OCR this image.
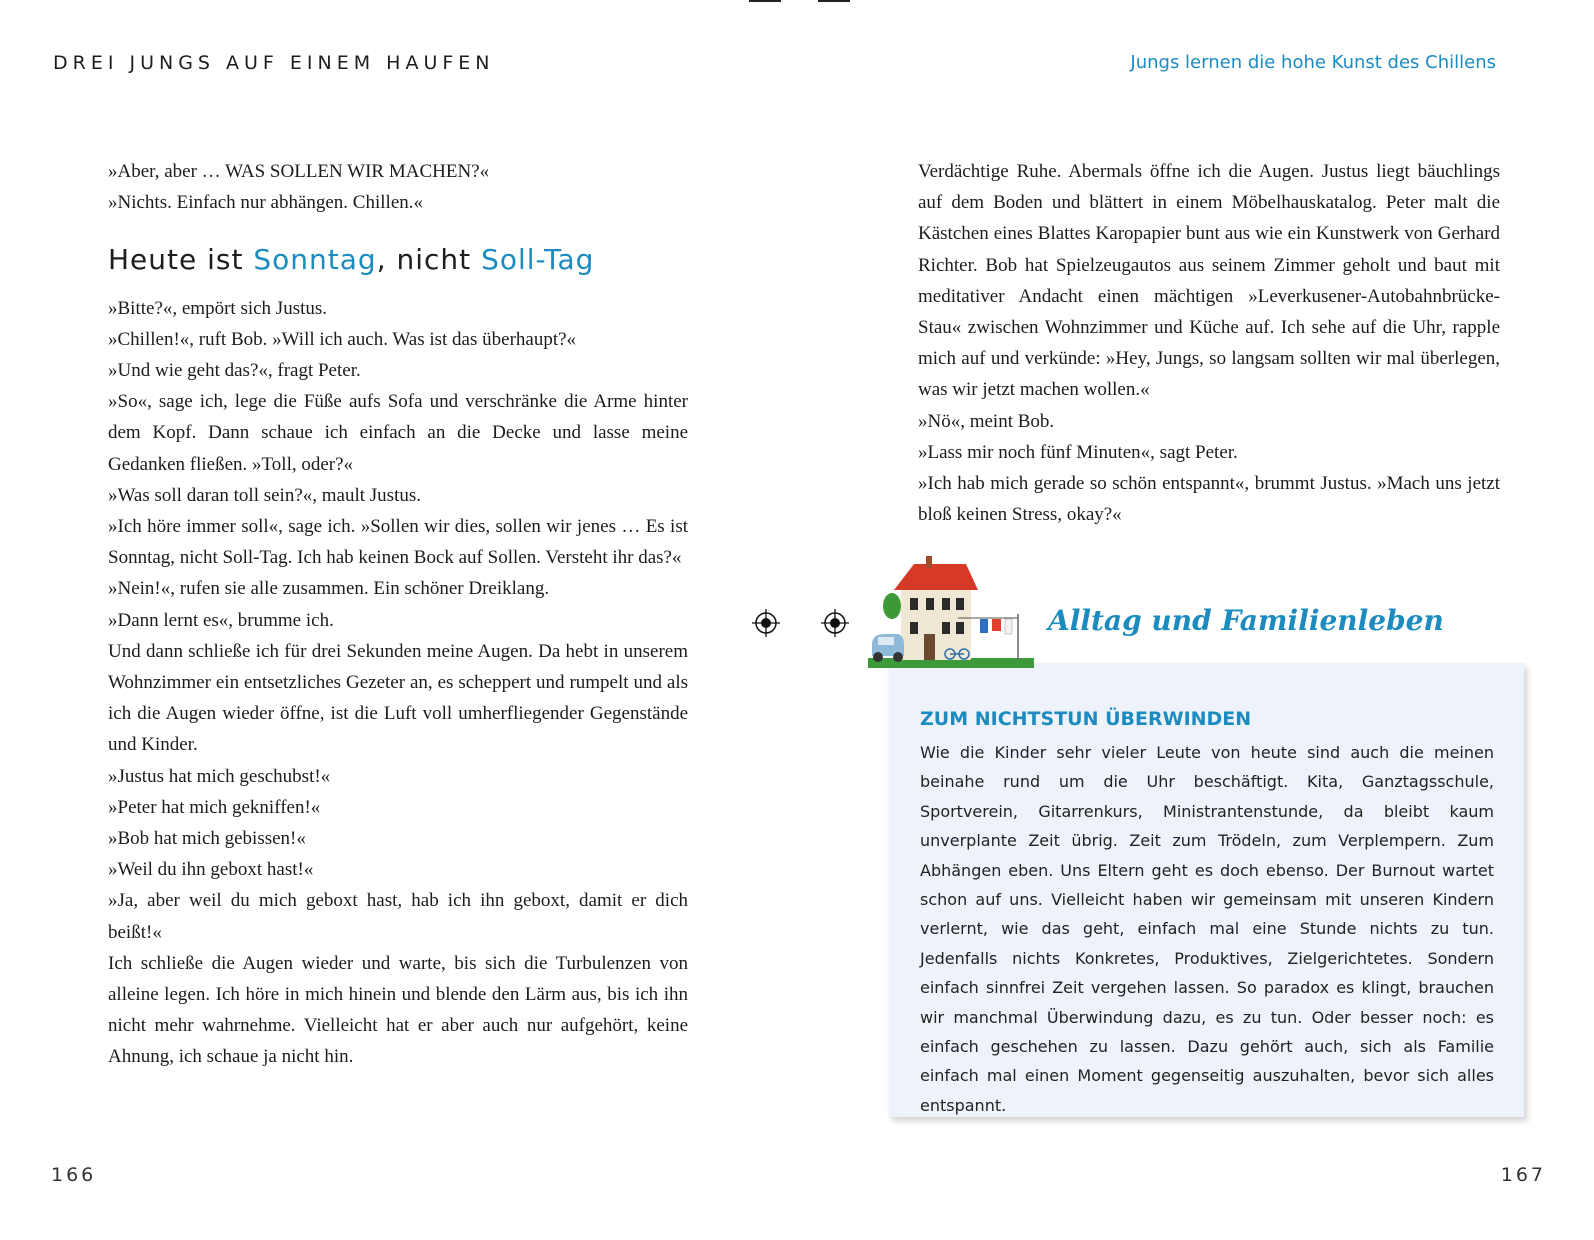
DREI JUNGS AUF EINEM HAUFEN	Jungs lernen die hohe Kunst des Chillens

»Aber, aber … WAS SOLLEN WIR MACHEN?«

»Nichts. Einfach nur abhängen. Chillen.«

Heute ist Sonntag, nicht Soll-Tag

»Bitte?«, empört sich Justus.

»Chillen!«, ruft Bob. »Will ich auch. Was ist das überhaupt?«

»Und wie geht das?«, fragt Peter.

»So«, sage ich, lege die Füße aufs Sofa und verschränke die Arme hinter dem Kopf. Dann schaue ich einfach an die Decke und lasse meine Gedanken fließen. »Toll, oder?«

»Was soll daran toll sein?«, mault Justus.

»Ich höre immer soll«, sage ich. »Sollen wir dies, sollen wir jenes … Es ist Sonntag, nicht Soll-Tag. Ich hab keinen Bock auf Sollen. Versteht ihr das?«

»Nein!«, rufen sie alle zusammen. Ein schöner Dreiklang.

»Dann lernt es«, brumme ich.

Und dann schließe ich für drei Sekunden meine Augen. Da hebt in unserem Wohnzimmer ein entsetzliches Gezeter an, es scheppert und rumpelt und als ich die Augen wieder öffne, ist die Luft voll umherfliegender Gegenstände und Kinder.

»Justus hat mich geschubst!«

»Peter hat mich gekniffen!«

»Bob hat mich gebissen!«

»Weil du ihn geboxt hast!«

»Ja, aber weil du mich geboxt hast, hab ich ihn geboxt, damit er dich beißt!«

Ich schließe die Augen wieder und warte, bis sich die Turbulenzen von alleine legen. Ich höre in mich hinein und blende den Lärm aus, bis ich ihn nicht mehr wahrnehme. Vielleicht hat er aber auch nur aufgehört, keine Ahnung, ich schaue ja nicht hin.

Verdächtige Ruhe. Abermals öffne ich die Augen. Justus liegt bäuchlings auf dem Boden und blättert in einem Möbelhauskatalog. Peter malt die Kästchen eines Blattes Karopapier bunt aus wie ein Kunstwerk von Gerhard Richter. Bob hat Spielzeugautos aus seinem Zimmer geholt und baut mit meditativer Andacht einen mächtigen »Leverkusener-Autobahnbrücke-Stau« zwischen Wohnzimmer und Küche auf. Ich sehe auf die Uhr, rapple mich auf und verkünde: »Hey, Jungs, so langsam sollten wir mal überlegen, was wir jetzt machen wollen.«

»Nö«, meint Bob.

»Lass mir noch fünf Minuten«, sagt Peter.

»Ich hab mich gerade so schön entspannt«, brummt Justus. »Mach uns jetzt bloß keinen Stress, okay?«

ZUM NICHTSTUN ÜBERWINDEN

Wie die Kinder sehr vieler Leute von heute sind auch die meinen beinahe rund um die Uhr beschäftigt. Kita, Ganztagsschule, Sportverein, Gitarrenkurs, Ministrantenstunde, da bleibt kaum unverplante Zeit übrig. Zeit zum Trödeln, zum Verplempern. Zum Abhängen eben. Uns Eltern geht es doch ebenso. Der Burnout wartet schon auf uns. Vielleicht haben wir gemeinsam mit unseren Kindern verlernt, wie das geht, einfach mal eine Stunde nichts zu tun. Jedenfalls nichts Konkretes, Produktives, Zielgerichtetes. Sondern einfach sinnfrei Zeit vergehen lassen. So paradox es klingt, brauchen wir manchmal Überwindung dazu, es zu tun. Oder besser noch: es einfach geschehen zu lassen. Dazu gehört auch, sich als Familie einfach mal einen Moment gegenseitig auszuhalten, bevor sich alles entspannt.

Alltag und Familienleben
166	167
